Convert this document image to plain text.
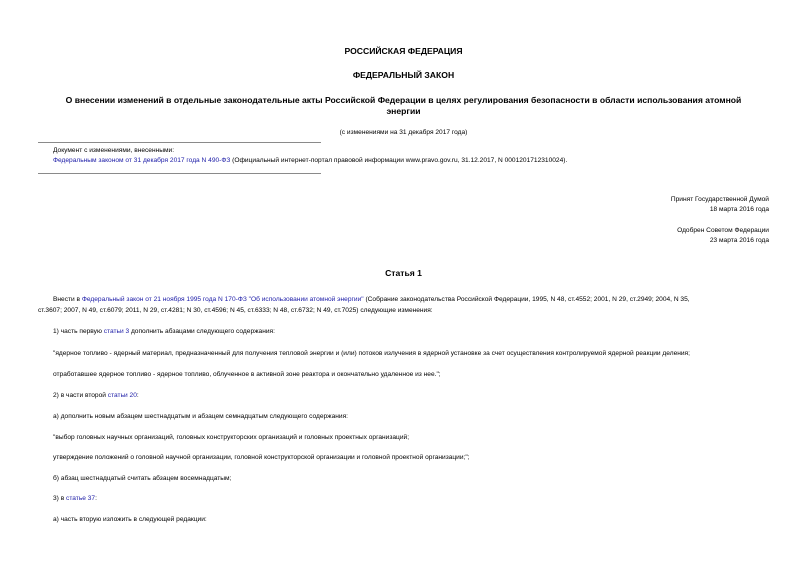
РОССИЙСКАЯ ФЕДЕРАЦИЯ
ФЕДЕРАЛЬНЫЙ ЗАКОН
О внесении изменений в отдельные законодательные акты Российской Федерации в целях регулирования безопасности в области использования атомной энергии
(с изменениями на 31 декабря 2017 года)
Документ с изменениями, внесенными:
Федеральным законом от 31 декабря 2017 года N 490-ФЗ (Официальный интернет-портал правовой информации www.pravo.gov.ru, 31.12.2017, N 0001201712310024).
Принят Государственной Думой
18 марта 2016 года
Одобрен Советом Федерации
23 марта 2016 года
Статья 1
Внести в Федеральный закон от 21 ноября 1995 года N 170-ФЗ "Об использовании атомной энергии" (Собрание законодательства Российской Федерации, 1995, N 48, ст.4552; 2001, N 29, ст.2949; 2004, N 35,
ст.3607; 2007, N 49, ст.6079; 2011, N 29, ст.4281; N 30, ст.4596; N 45, ст.6333; N 48, ст.6732; N 49, ст.7025) следующие изменения:
1) часть первую статьи 3 дополнить абзацами следующего содержания:
"ядерное топливо - ядерный материал, предназначенный для получения тепловой энергии и (или) потоков излучения в ядерной установке за счет осуществления контролируемой ядерной реакции деления;
отработавшее ядерное топливо - ядерное топливо, облученное в активной зоне реактора и окончательно удаленное из нее.";
2) в части второй статьи 20:
а) дополнить новым абзацем шестнадцатым и абзацем семнадцатым следующего содержания:
"выбор головных научных организаций, головных конструкторских организаций и головных проектных организаций;
утверждение положений о головной научной организации, головной конструкторской организации и головной проектной организации;";
б) абзац шестнадцатый считать абзацем восемнадцатым;
3) в статье 37:
а) часть вторую изложить в следующей редакции:
